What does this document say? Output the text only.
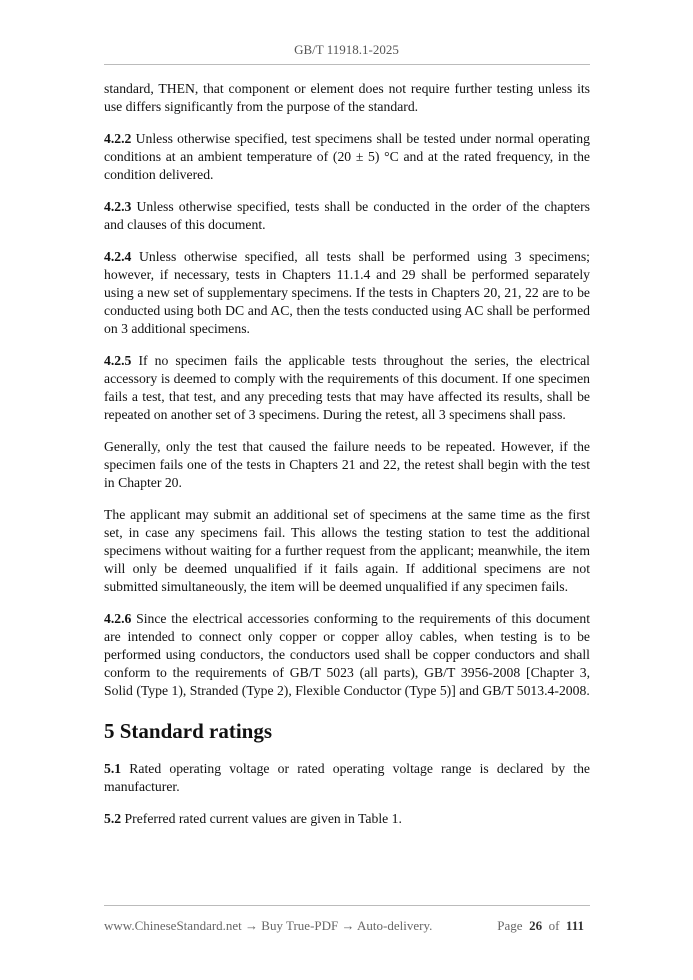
GB/T 11918.1-2025

standard, THEN, that component or element does not require further testing unless its use differs significantly from the purpose of the standard.

4.2.2 Unless otherwise specified, test specimens shall be tested under normal operating conditions at an ambient temperature of (20 ± 5) °C and at the rated frequency, in the condition delivered.

4.2.3 Unless otherwise specified, tests shall be conducted in the order of the chapters and clauses of this document.

4.2.4 Unless otherwise specified, all tests shall be performed using 3 specimens; however, if necessary, tests in Chapters 11.1.4 and 29 shall be performed separately using a new set of supplementary specimens. If the tests in Chapters 20, 21, 22 are to be conducted using both DC and AC, then the tests conducted using AC shall be performed on 3 additional specimens.

4.2.5 If no specimen fails the applicable tests throughout the series, the electrical accessory is deemed to comply with the requirements of this document. If one specimen fails a test, that test, and any preceding tests that may have affected its results, shall be repeated on another set of 3 specimens. During the retest, all 3 specimens shall pass.

Generally, only the test that caused the failure needs to be repeated. However, if the specimen fails one of the tests in Chapters 21 and 22, the retest shall begin with the test in Chapter 20.

The applicant may submit an additional set of specimens at the same time as the first set, in case any specimens fail. This allows the testing station to test the additional specimens without waiting for a further request from the applicant; meanwhile, the item will only be deemed unqualified if it fails again. If additional specimens are not submitted simultaneously, the item will be deemed unqualified if any specimen fails.

4.2.6 Since the electrical accessories conforming to the requirements of this document are intended to connect only copper or copper alloy cables, when testing is to be performed using conductors, the conductors used shall be copper conductors and shall conform to the requirements of GB/T 5023 (all parts), GB/T 3956-2008 [Chapter 3, Solid (Type 1), Stranded (Type 2), Flexible Conductor (Type 5)] and GB/T 5013.4-2008.

5 Standard ratings

5.1 Rated operating voltage or rated operating voltage range is declared by the manufacturer.

5.2 Preferred rated current values are given in Table 1.

www.ChineseStandard.net → Buy True-PDF → Auto-delivery.	Page 26 of 111
